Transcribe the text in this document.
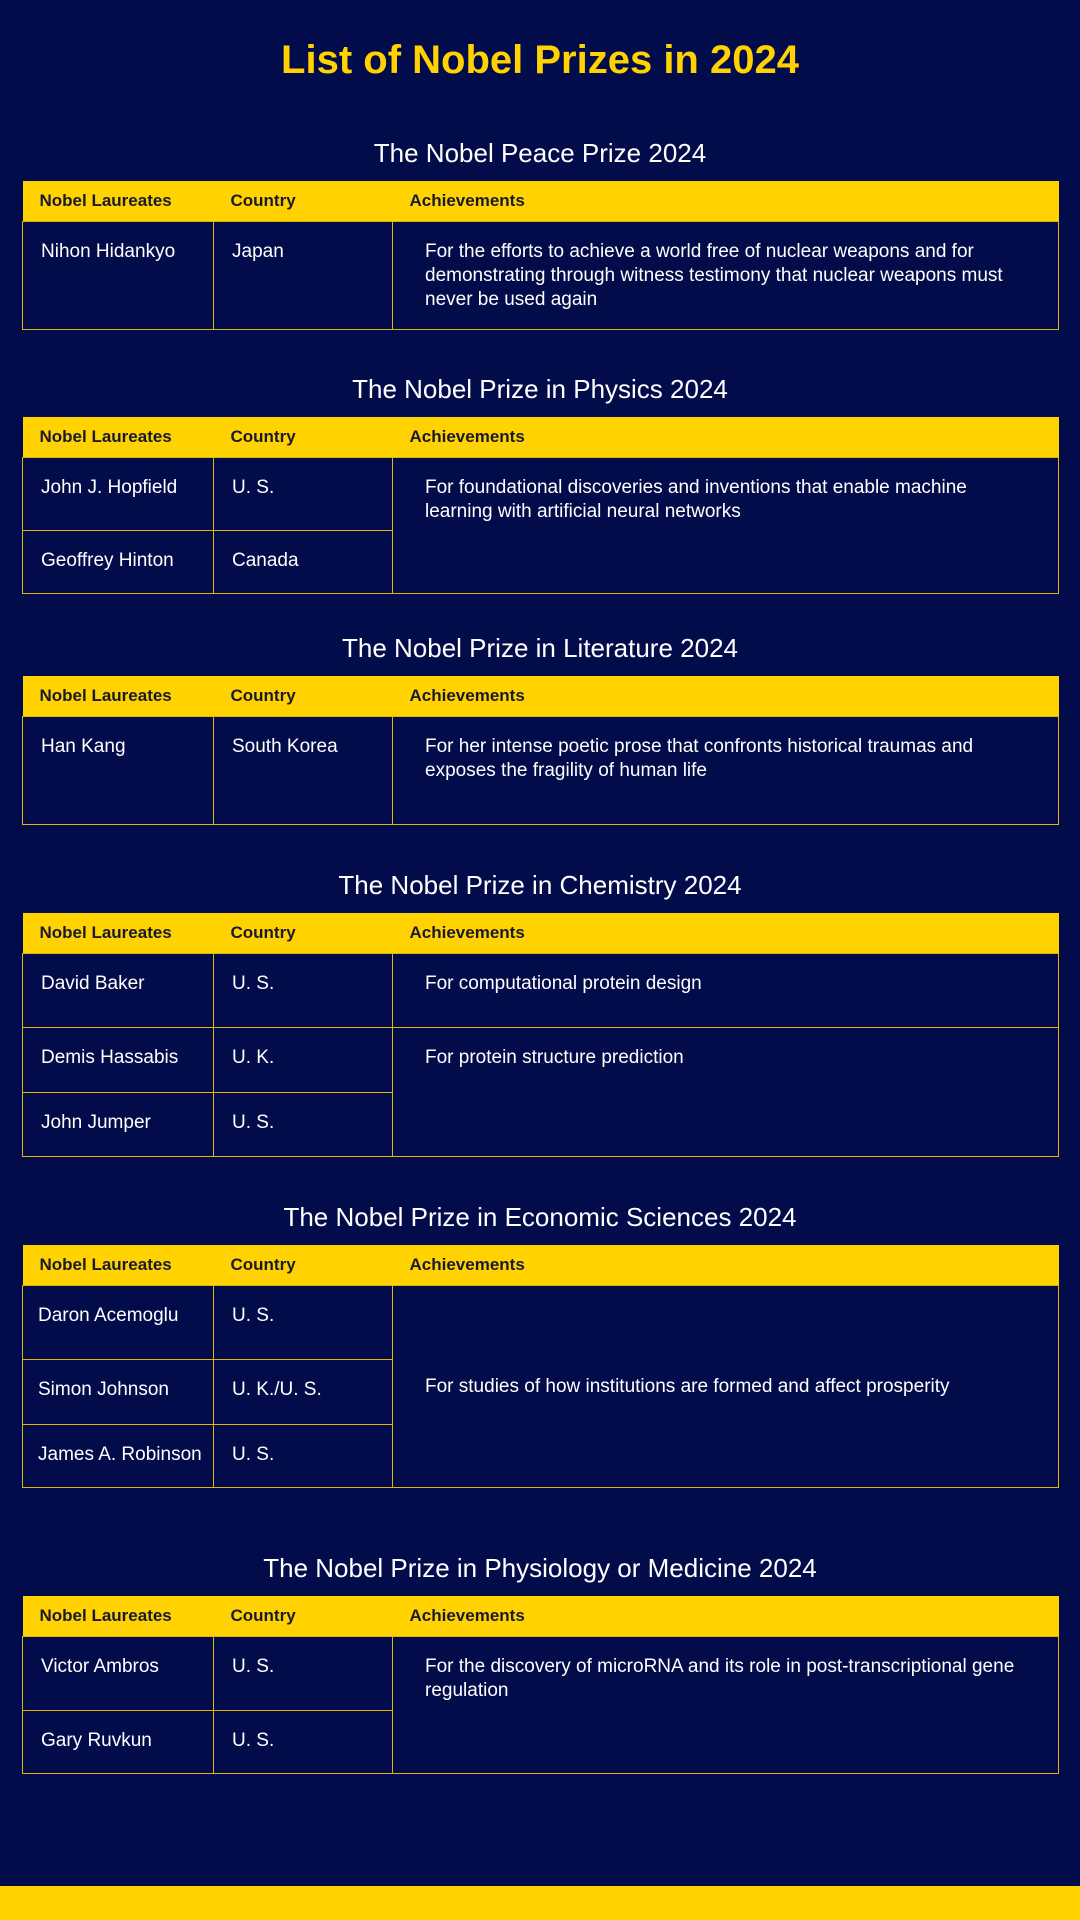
List of Nobel Prizes in 2024
The Nobel Peace Prize 2024
Nobel Laureates	Country	Achievements
Nihon Hidankyo	Japan	For the efforts to achieve a world free of nuclear weapons and for demonstrating through witness testimony that nuclear weapons must never be used again
The Nobel Prize in Physics 2024
Nobel Laureates	Country	Achievements
John J. Hopfield	U. S.	For foundational discoveries and inventions that enable machine learning with artificial neural networks
Geoffrey Hinton	Canada	
The Nobel Prize in Literature 2024
Nobel Laureates	Country	Achievements
Han Kang	South Korea	For her intense poetic prose that confronts historical traumas and exposes the fragility of human life
The Nobel Prize in Chemistry 2024
Nobel Laureates	Country	Achievements
David Baker	U. S.	For computational protein design
Demis Hassabis	U. K.	For protein structure prediction
John Jumper	U. S.	
The Nobel Prize in Economic Sciences 2024
Nobel Laureates	Country	Achievements
Daron Acemoglu	U. S.	For studies of how institutions are formed and affect prosperity
Simon Johnson	U. K./U. S.	
James A. Robinson	U. S.	
The Nobel Prize in Physiology or Medicine 2024
Nobel Laureates	Country	Achievements
Victor Ambros	U. S.	For the discovery of microRNA and its role in post-transcriptional gene regulation
Gary Ruvkun	U. S.	
